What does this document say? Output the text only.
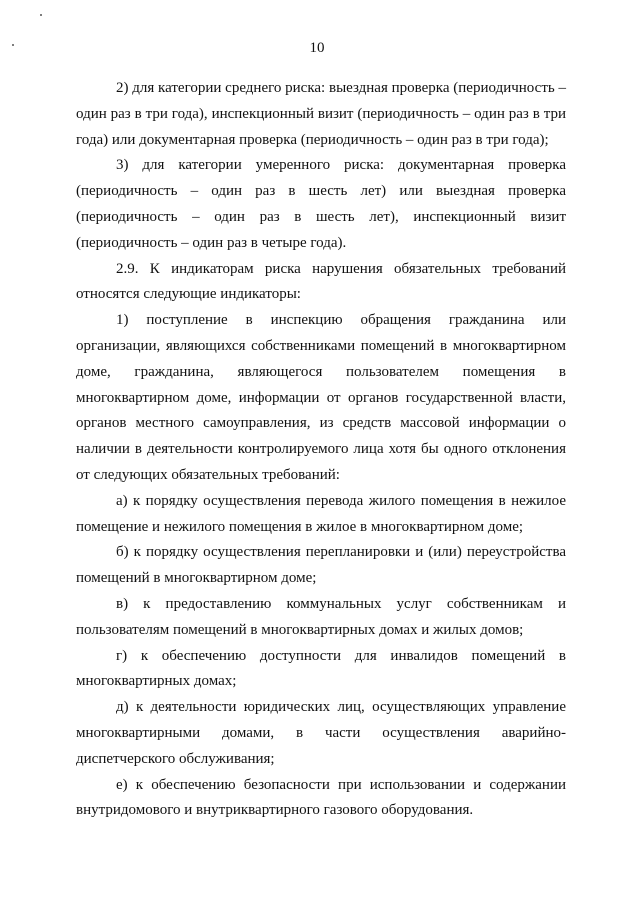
10

2) для категории среднего риска: выездная проверка (периодичность – один раз в три года), инспекционный визит (периодичность – один раз в три года) или документарная проверка (периодичность – один раз в три года);

3) для категории умеренного риска: документарная проверка (периодичность – один раз в шесть лет) или выездная проверка (периодичность – один раз в шесть лет), инспекционный визит (периодичность – один раз в четыре года).

2.9. К индикаторам риска нарушения обязательных требований относятся следующие индикаторы:

1) поступление в инспекцию обращения гражданина или организации, являющихся собственниками помещений в многоквартирном доме, гражданина, являющегося пользователем помещения в многоквартирном доме, информации от органов государственной власти, органов местного самоуправления, из средств массовой информации о наличии в деятельности контролируемого лица хотя бы одного отклонения от следующих обязательных требований:

а) к порядку осуществления перевода жилого помещения в нежилое помещение и нежилого помещения в жилое в многоквартирном доме;

б) к порядку осуществления перепланировки и (или) переустройства помещений в многоквартирном доме;

в) к предоставлению коммунальных услуг собственникам и пользователям помещений в многоквартирных домах и жилых домов;

г) к обеспечению доступности для инвалидов помещений в многоквартирных домах;

д) к деятельности юридических лиц, осуществляющих управление многоквартирными домами, в части осуществления аварийно-диспетчерского обслуживания;

е) к обеспечению безопасности при использовании и содержании внутридомового и внутриквартирного газового оборудования.
